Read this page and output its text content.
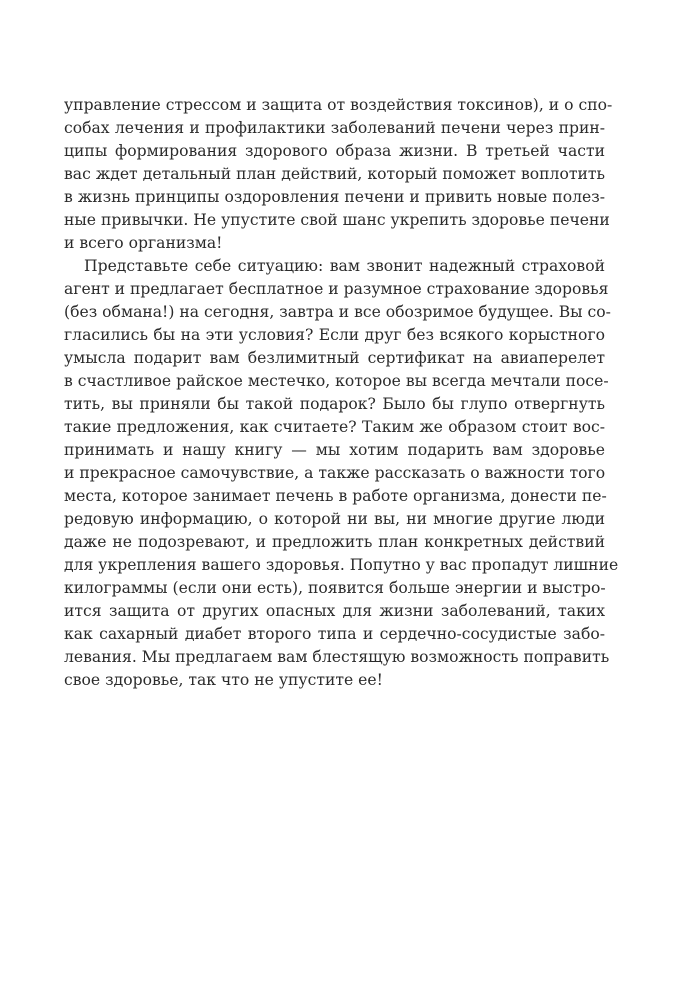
управление стрессом и защита от воздействия токсинов), и о спо-
собах лечения и профилактики заболеваний печени через прин-
ципы формирования здорового образа жизни. В третьей части
вас ждет детальный план действий, который поможет воплотить
в жизнь принципы оздоровления печени и привить новые полез-
ные привычки. Не упустите свой шанс укрепить здоровье печени
и всего организма!
Представьте себе ситуацию: вам звонит надежный страховой
агент и предлагает бесплатное и разумное страхование здоровья
(без обмана!) на сегодня, завтра и все обозримое будущее. Вы со-
гласились бы на эти условия? Если друг без всякого корыстного
умысла подарит вам безлимитный сертификат на авиаперелет
в счастливое райское местечко, которое вы всегда мечтали посе-
тить, вы приняли бы такой подарок? Было бы глупо отвергнуть
такие предложения, как считаете? Таким же образом стоит вос-
принимать и нашу книгу — мы хотим подарить вам здоровье
и прекрасное самочувствие, а также рассказать о важности того
места, которое занимает печень в работе организма, донести пе-
редовую информацию, о которой ни вы, ни многие другие люди
даже не подозревают, и предложить план конкретных действий
для укрепления вашего здоровья. Попутно у вас пропадут лишние
килограммы (если они есть), появится больше энергии и выстро-
ится защита от других опасных для жизни заболеваний, таких
как сахарный диабет второго типа и сердечно-сосудистые забо-
левания. Мы предлагаем вам блестящую возможность поправить
свое здоровье, так что не упустите ее!
